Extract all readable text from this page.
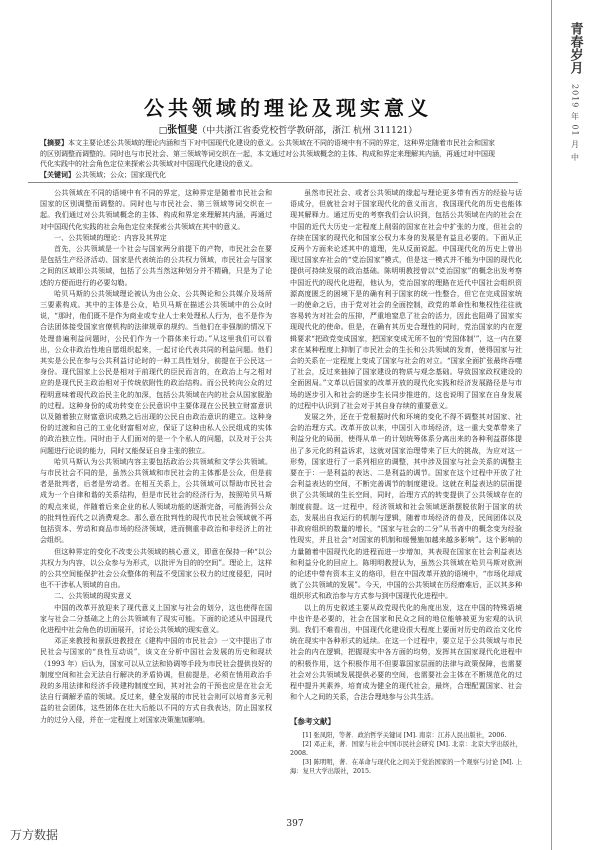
青春岁月
2019 年 01 月 中
公共领域的理论及现实意义
□张恒斐（中共浙江省委党校哲学教研部，浙江 杭州 311121）
【摘要】本文主要论述公共领域的理论内涵和当下对中国现代化建设的意义。公共领域在不同的语境中有不同的界定，这种界定随着市民社会和国家的区别调整而调整的。同时也与市民社会、第三领域等词交织在一起，本文通过对公共领域概念的主体、构成和界定来理解其内涵，再通过对中国现代化实践中的社会角色定位来探索公共领域对中国现代化建设的意义。
【关键词】公共领域；公众；国家现代化

公共领域在不同的语境中有不同的界定，这种界定是随着市民社会和国家的区别调整而调整的。同时也与市民社会、第三领域等词交织在一起。我们通过对公共领域概念的主体、构成和界定来理解其内涵，再通过对中国现代化实践的社会角色定位来探索公共领域在其中的意义。

一、公共领域的理论：内容及其界定

首先，公共领域是一个社会与国家两分前提下的产物，市民社会在要是包括生产经济活动、国家是代表统治的公共权力领域，市民社会与国家之间的区域即公共领域，包括了公共当然这种划分并不精确，只是为了论述的方便而进行的必要勾勒。

哈贝马斯的公共领域理论被认为由公众、公共舆论和公共媒介及场所三要素构成。其中的主体是公众，哈贝马斯在描述公共领域中的公众时说，“那时，他们既不是作为商业或专业人士来处理私人行为，也不是作为合法团体接受国家官僚机构的法律规章的规约。当他们在非强制的情况下处理普遍利益问题时，公民们作为一个群体来行动。”从这里我们可以看出，公众非政治性地自愿组织起来，一起讨论代表共同的利益问题。他们其实是公民在参与公共利益讨论时的一种工具性划分，前提在于公民这一身份。现代国家上公民是相对于前现代的臣民而言的，在政治上与之相对应的是现代民主政治相对于传统依附性的政治结构。而公民转向公众的过程明意味着现代政治民主化的加深，包括公共领域在内的社会从国家脱胎的过程。这种身份的成功转变在公民意识中主要体现在公民独立财富意识以及随着独立财富意识成熟之后出现的公民自由政治意识的建立。这种身份的过渡和自己的工业化财富相对应，保证了这种由私人公民组成的实体的政治独立性。同时由于人们面对的是一个个私人的问题，以及对于公共问题进行论说的能力，同时又能保证自身主张的独立。

哈贝马斯认为公共领域内容主要包括政治公共领域和文学公共领域。与市民社会不同的是，虽然公共领域和市民社会的主体都是公众，但是前者是批判者，后者是劳动者。在相互关系上，公共领域可以帮助市民社会成为一个自律和谐的关系结构，但是市民社会的经济行为，按照哈贝马斯的观点来说，伴随着后来企业的私人领域功能的逐渐完备，可能消弭公众的批判性而代之以消费观念。那么意在批判性的现代市民社会领域就不再包括资本、劳动和商品市场的经济领域，进而侧重非政治和非经济上的社会组织。

但这种界定的变化不改变公共领域的核心意义，即意在保持一种“以公共权力为内容，以公众参与为形式，以批评为目的的空间”。理论上，这样的公共空间能保护社会公众整体的利益不受国家公权力的过度侵犯，同时也不干涉私人领域的自由。

二、公共领域的现实意义

中国的改革开放迎来了现代意义上国家与社会的划分，这也使得在国家与社会二分基础之上的公共领域有了现实可能。下面的论述从中国现代化进程中社会角色的切面展开，讨论公共领域的现实意义。

邓正来教授和景跃进教授在《建构中国的市民社会》一文中提出了市民社会与国家的“良性互动说”，该文在分析中国社会发展的历史和现状（1993 年）后认为，国家可以从立法和协调等手段为市民社会提供良好的制度空间和社会无法自行解决的矛盾协调，但前提是，必须在悄用政治手段的多用法律和经济手段建构制度空间，其对社会的干预也应是在社会无法自行调解矛盾的领域。反过来，健全发展的市民社会则可以培育多元利益的社会团体，这些团体在壮大后能以不同的方式自我表达，防止国家权力的过分入侵，并在一定程度上对国家决策施加影响。

虽然市民社会、或者公共领域的缘起与理论更多带有西方的经验与话语成分，但就社会对于国家现代化的意义而言，我国现代化的历史也能体现其解释力。通过历史的考察我们会认识到，包括公共领域在内的社会在中国的近代大历史一定程度上削弱的国家在社会中扩张的力度，但社会的存续在国家的现代化和国家公权力本身的发展是有益且必要的。下面从正反两个方面来论述其中的道理，先从反面说起。中国现代化的历史上曾出现过国家弃社会的“党治国家”模式，但是这一模式并不能为中国的现代化提供可持续发展的政治基础。陈明明教授曾以“党治国家”的概念出发考察中国近代的现代化进程，他认为，党治国家的理路在近代中国社会组织资源高度匮乏的困境下是的确有利于国家的统一性整合，但它在完成国家统一的使命之后，由于党对社会的全面控制，政党的革命性和集权性往往就容易转为对社会的压抑，严重地窒息了社会的活力，因此也阻碍了国家实现现代化的使命。但是，在确有其历史合理性的同时，党治国家的内在逻辑要求“把政党变成国家，把国家变成无所不包的‘党国体制’”，这一内在要求在某种程度上抑制了市民社会的生长和公共领域的发育，使得国家与社会的关系在一定程度上变成了国家与社会的对立。“国家全面扩张最终吞噬了社会，反过来抽掉了国家建设的物质与观念基础。导致国家政权建设的全面困局。”文革以后国家的改革开放的现代化实践和经济发展路径是与市场的逐步引入和社会的逐步生长同步推进的，这也说明了国家在自身发展的过程中认识到了社会对于其自身存续的重要意义。

发展之外，还在于党根据时代和环境的变化不得不调整其对国家、社会的治理方式。改革开放以来，中国引入市场经济，这一重大变革带来了利益分化的局面，使得从单一的计划统筹体系分离出来的各种利益群体提出了多元化的利益诉求，这就对国家治理带来了巨大的挑战，为应对这一形势，国家进行了一系列相应的调整，其中涉及国家与社会关系的调整主要在于：一是利益的表达、二是利益的调节。国家在这个过程中开放了社会利益表达的空间，不断完善调节的制度建设。这就在利益表达的层面提供了公共领域的生长空间，同时，治理方式的转变提供了公共领域存在的制度前提。这一过程中，经济领域和社会领域逐渐摆脱依附于国家的状态，发展出自我运行的机制与逻辑，随着市场经济的普及，民间团体以及非政府组织的数量的增长，“国家与社会的二分”从书斋中的概念变为经验性现实，并且社会“对国家的机制和缓慢施加越来越多影响”。这个影响的力量随着中国现代化的进程而进一步增加，其表现在国家在社会利益表达和利益分化的回应上。陈明明教授认为，虽然公共领域在哈贝马斯对欧洲的论述中带有资本主义的烙印，但在中国改革开放的语境中，“市场化却成就了公共领域的发展”。今天，中国的公共领域在历经磨难后，正以其多种组织形式和政治参与方式参与到中国现代化进程中。

以上的历史叙述主要从政党现代化的角度出发，这在中国的特殊语境中也许是必要的，社会在国家和民众之间的地位能够被更为宏观的认识到。我们不难看出，中国现代化建设很大程度上要面对历史的政治文化传统在现实中各种形式的延续。在这一个过程中，要立足于公共领域与市民社会的内在逻辑，把握现实中各方面的均势，发挥其在国家现代化进程中的积极作用，这个积极作用不但要靠国家层面的法律与政策保障，也需要社会对公共领域发展提供必要的空间，也需要社会主体在不断规范化的过程中提升其素养，培育成为健全的现代社会，最终，合理配置国家、社会和个人之间的关系，合法合理地参与公共生活。

【参考文献】

[1] 张凤阳，等著．政治哲学关键词 [M]. 南京：江苏人民出版社，2006.

[2] 邓正来，著．国家与社会中国市民社会研究 [M]. 北京：北京大学出版社，2008.

[3] 陈明明，著．在革命与现代化之间关于党治国家的一个观察与讨论 [M]. 上海：复旦大学出版社，2015.

397
万方数据
